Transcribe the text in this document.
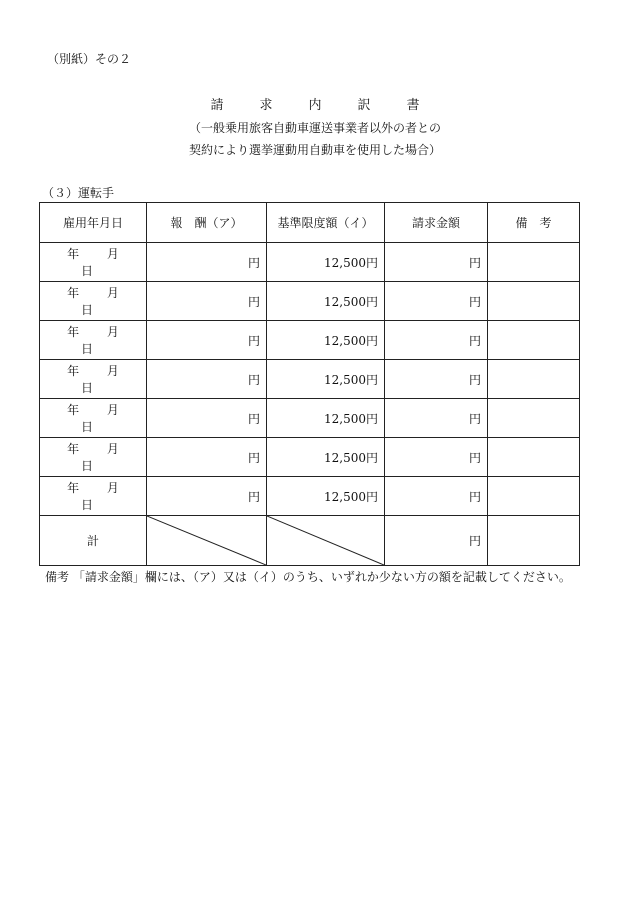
（別紙）その２
請求内訳書
（一般乗用旅客自動車運送事業者以外の者との
契約により選挙運動用自動車を使用した場合）
（３）運転手
雇用年月日	報　酬（ア）	基準限度額（イ）	請求金額	備　考
年 月 日	円	12,500円	円	
年 月 日	円	12,500円	円	
年 月 日	円	12,500円	円	
年 月 日	円	12,500円	円	
年 月 日	円	12,500円	円	
年 月 日	円	12,500円	円	
年 月 日	円	12,500円	円	
計			円	
備考 「請求金額」欄には、（ア）又は（イ）のうち、いずれか少ない方の額を記載してください。
